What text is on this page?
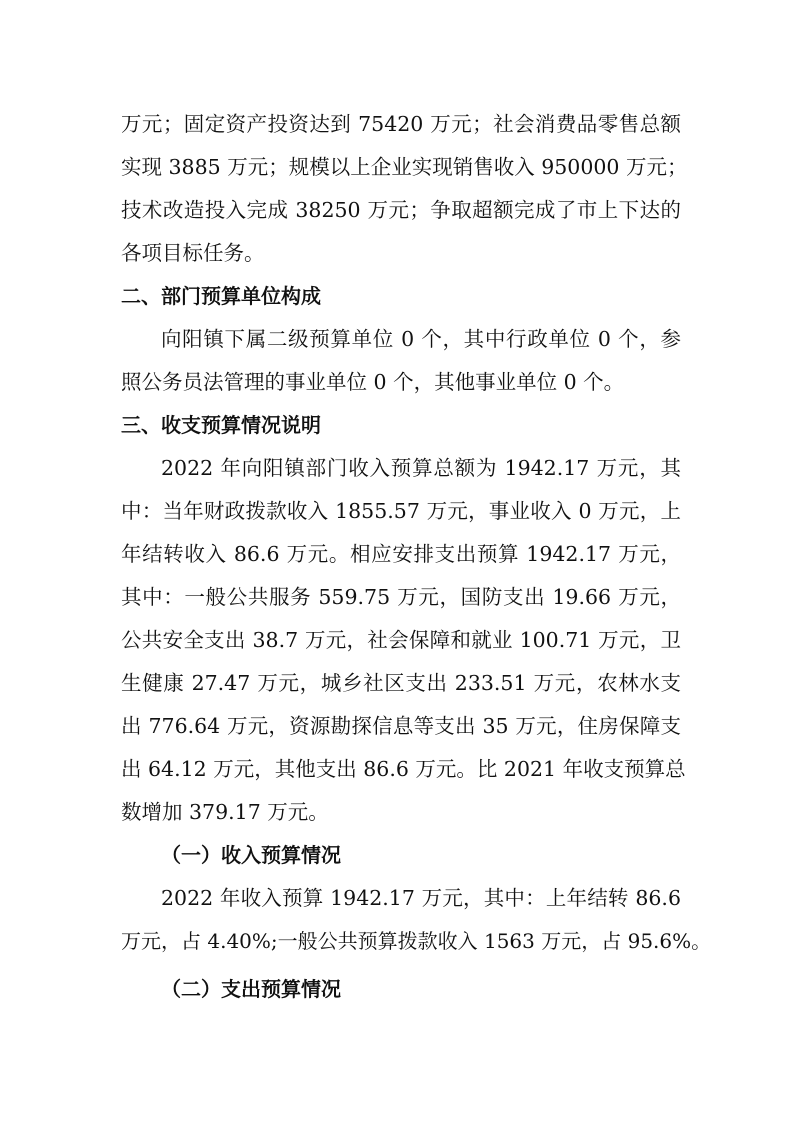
万元；固定资产投资达到 75420 万元；社会消费品零售总额
实现 3885 万元；规模以上企业实现销售收入 950000 万元；
技术改造投入完成 38250 万元；争取超额完成了市上下达的
各项目标任务。
二、部门预算单位构成
向阳镇下属二级预算单位 0 个，其中行政单位 0 个，参
照公务员法管理的事业单位 0 个，其他事业单位 0 个。
三、收支预算情况说明
2022 年向阳镇部门收入预算总额为 1942.17 万元，其
中：当年财政拨款收入 1855.57 万元，事业收入 0 万元，上
年结转收入 86.6 万元。相应安排支出预算 1942.17 万元，
其中：一般公共服务 559.75 万元，国防支出 19.66 万元，
公共安全支出 38.7 万元，社会保障和就业 100.71 万元，卫
生健康 27.47 万元，城乡社区支出 233.51 万元，农林水支
出 776.64 万元，资源勘探信息等支出 35 万元，住房保障支
出 64.12 万元，其他支出 86.6 万元。比 2021 年收支预算总
数增加 379.17 万元。
（一）收入预算情况
2022 年收入预算 1942.17 万元，其中：上年结转 86.6
万元，占 4.40%;一般公共预算拨款收入 1563 万元，占 95.6%。
（二）支出预算情况
